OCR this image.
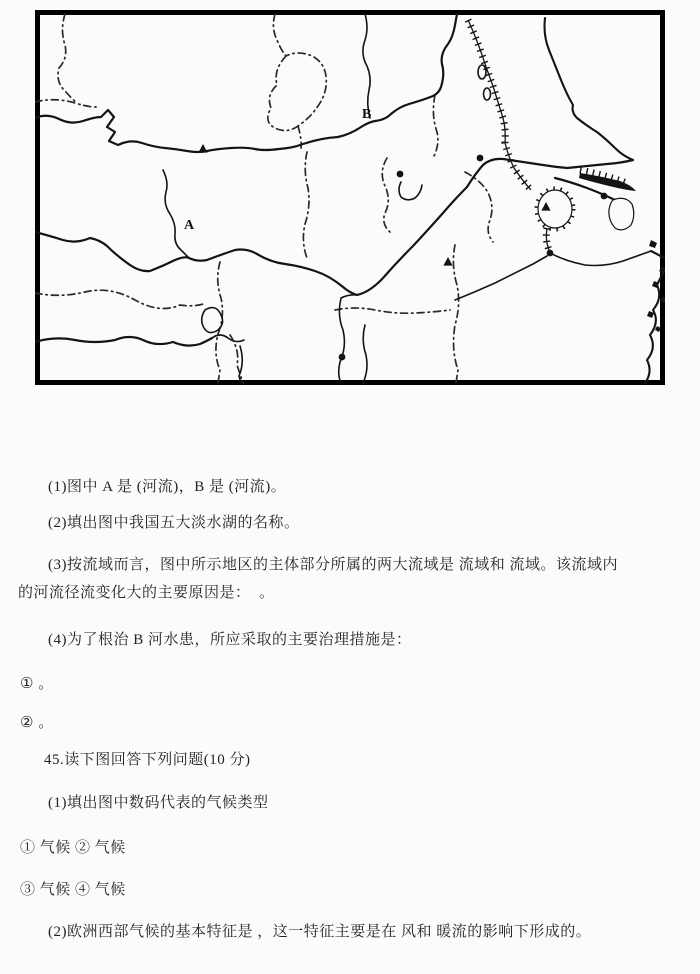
A
B
(1)图中 A 是 (河流)，B 是 (河流)。
(2)填出图中我国五大淡水湖的名称。
(3)按流域而言，图中所示地区的主体部分所属的两大流域是 流域和 流域。该流域内
的河流径流变化大的主要原因是：  。
(4)为了根治 B 河水患，所应采取的主要治理措施是：
① 。
② 。
45.读下图回答下列问题(10 分)
(1)填出图中数码代表的气候类型
① 气候 ② 气候
③ 气候 ④ 气候
(2)欧洲西部气候的基本特征是 ，这一特征主要是在 风和 暖流的影响下形成的。
